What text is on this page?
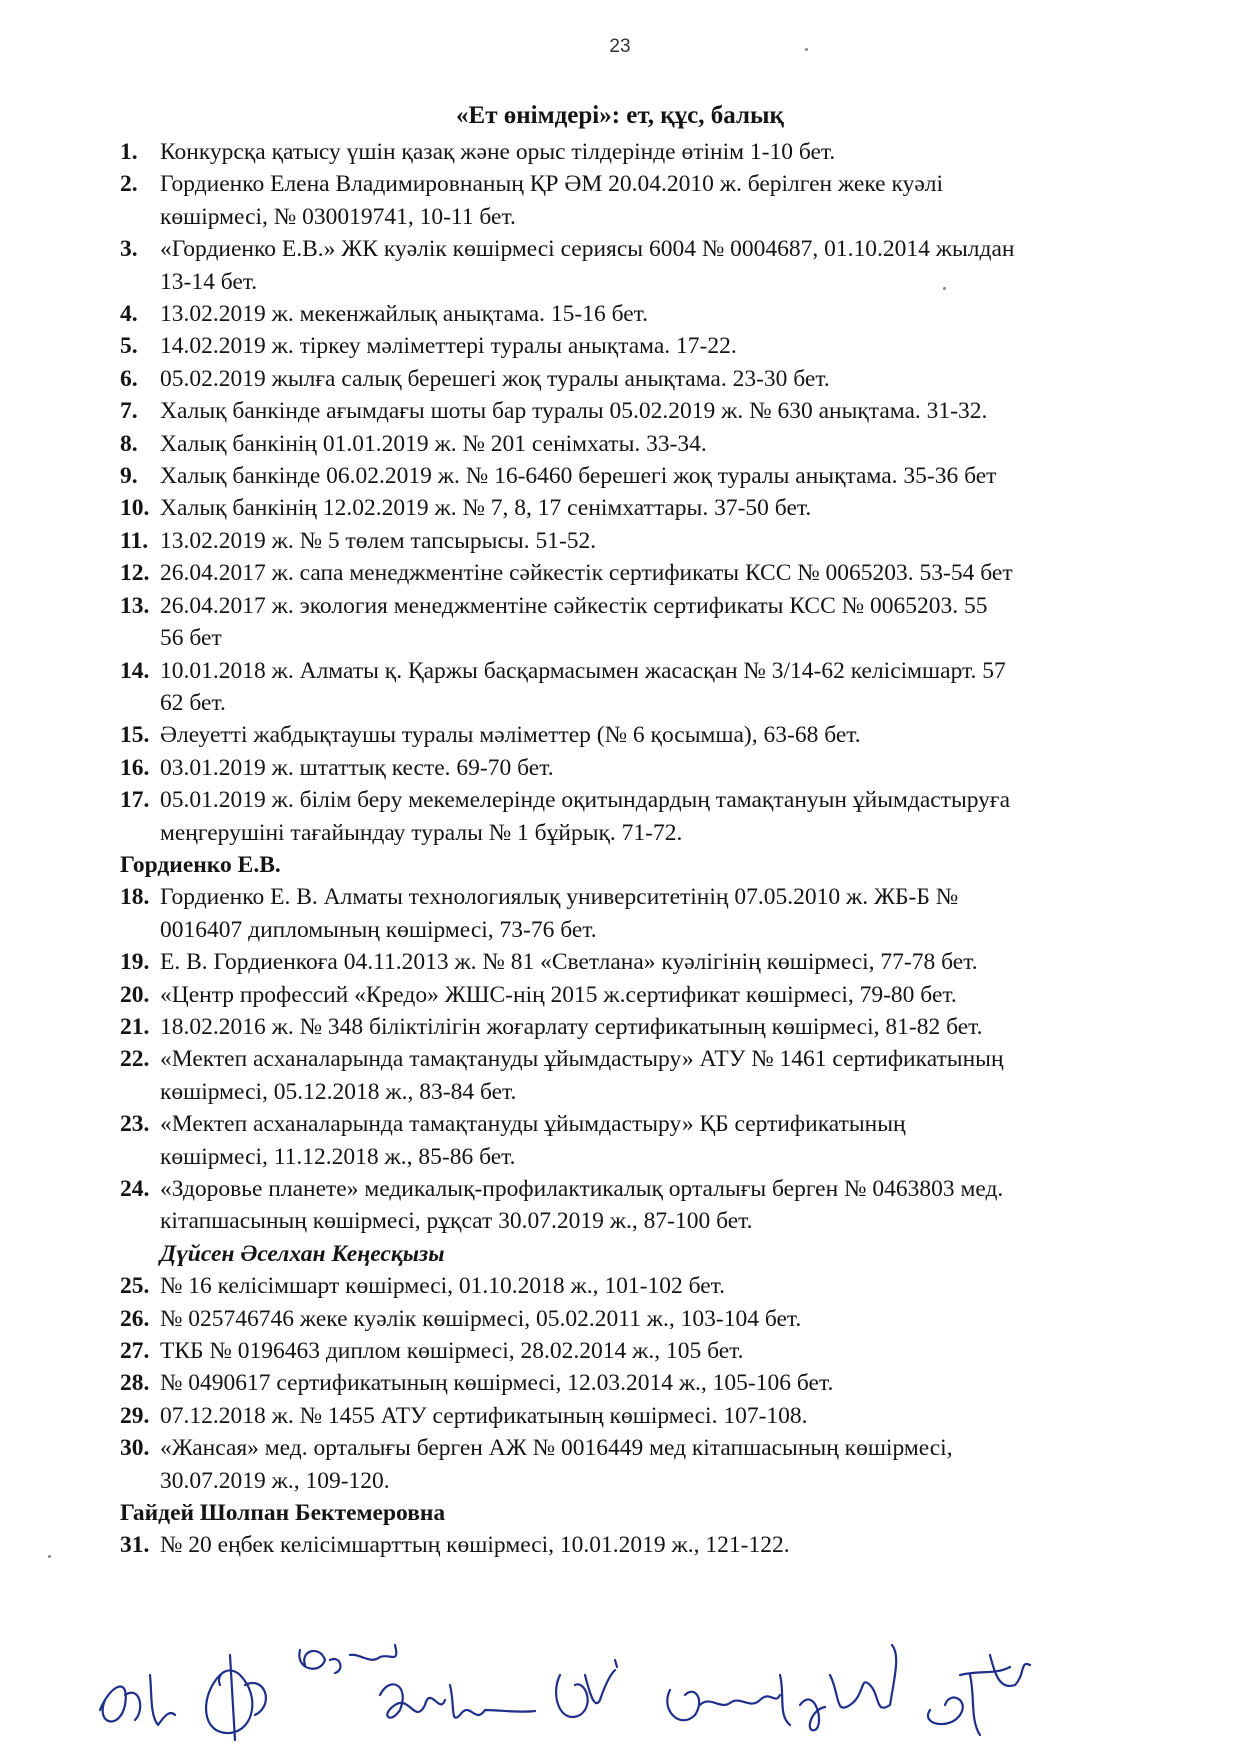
23
«Ет өнімдері»: ет, құс, балық
1. Конкурсқа қатысу үшін қазақ және орыс тілдерінде өтінім 1-10 бет.
2. Гордиенко Елена Владимировнаның ҚР ӘМ 20.04.2010 ж. берілген жеке куәлі
көшірмесі, № 030019741, 10-11 бет.
3. «Гордиенко Е.В.» ЖК куәлік көшірмесі сериясы 6004 № 0004687, 01.10.2014 жылдан
13-14 бет.
4. 13.02.2019 ж. мекенжайлық анықтама. 15-16 бет.
5. 14.02.2019 ж. тіркеу мәліметтері туралы анықтама. 17-22.
6. 05.02.2019 жылға салық берешегі жоқ туралы анықтама. 23-30 бет.
7. Халық банкінде ағымдағы шоты бар туралы 05.02.2019 ж. № 630 анықтама. 31-32.
8. Халық банкінің 01.01.2019 ж. № 201 сенімхаты. 33-34.
9. Халық банкінде 06.02.2019 ж. № 16-6460 берешегі жоқ туралы анықтама. 35-36 бет
10. Халық банкінің 12.02.2019 ж. № 7, 8, 17 сенімхаттары. 37-50 бет.
11. 13.02.2019 ж. № 5 төлем тапсырысы. 51-52.
12. 26.04.2017 ж. сапа менеджментіне сәйкестік сертификаты КСС № 0065203. 53-54 бет
13. 26.04.2017 ж. экология менеджментіне сәйкестік сертификаты КСС № 0065203. 55
56 бет
14. 10.01.2018 ж. Алматы қ. Қаржы басқармасымен жасасқан № 3/14-62 келісімшарт. 57
62 бет.
15. Әлеуетті жабдықтаушы туралы мәліметтер (№ 6 қосымша), 63-68 бет.
16. 03.01.2019 ж. штаттық кесте. 69-70 бет.
17. 05.01.2019 ж. білім беру мекемелерінде оқитындардың тамақтануын ұйымдастыруға
меңгерушіні тағайындау туралы № 1 бұйрық. 71-72.
Гордиенко Е.В.
18. Гордиенко Е. В. Алматы технологиялық университетінің 07.05.2010 ж. ЖБ-Б №
0016407 дипломының көшірмесі, 73-76 бет.
19. Е. В. Гордиенкоға 04.11.2013 ж. № 81 «Светлана» куәлігінің көшірмесі, 77-78 бет.
20. «Центр профессий «Кредо» ЖШС-нің 2015 ж.сертификат көшірмесі, 79-80 бет.
21. 18.02.2016 ж. № 348 біліктілігін жоғарлату сертификатының көшірмесі, 81-82 бет.
22. «Мектеп асханаларында тамақтануды ұйымдастыру» АТУ № 1461 сертификатының
көшірмесі, 05.12.2018 ж., 83-84 бет.
23. «Мектеп асханаларында тамақтануды ұйымдастыру» ҚБ сертификатының
көшірмесі, 11.12.2018 ж., 85-86 бет.
24. «Здоровье планете» медикалық-профилактикалық орталығы берген № 0463803 мед.
кітапшасының көшірмесі, рұқсат 30.07.2019 ж., 87-100 бет.
Дүйсен Әселхан Кеңесқызы
25. № 16 келісімшарт көшірмесі, 01.10.2018 ж., 101-102 бет.
26. № 025746746 жеке куәлік көшірмесі, 05.02.2011 ж., 103-104 бет.
27. ТКБ № 0196463 диплом көшірмесі, 28.02.2014 ж., 105 бет.
28. № 0490617 сертификатының көшірмесі, 12.03.2014 ж., 105-106 бет.
29. 07.12.2018 ж. № 1455 АТУ сертификатының көшірмесі. 107-108.
30. «Жансая» мед. орталығы берген АЖ № 0016449 мед кітапшасының көшірмесі,
30.07.2019 ж., 109-120.
Гайдей Шолпан Бектемеровна
31. № 20 еңбек келісімшарттың көшірмесі, 10.01.2019 ж., 121-122.
